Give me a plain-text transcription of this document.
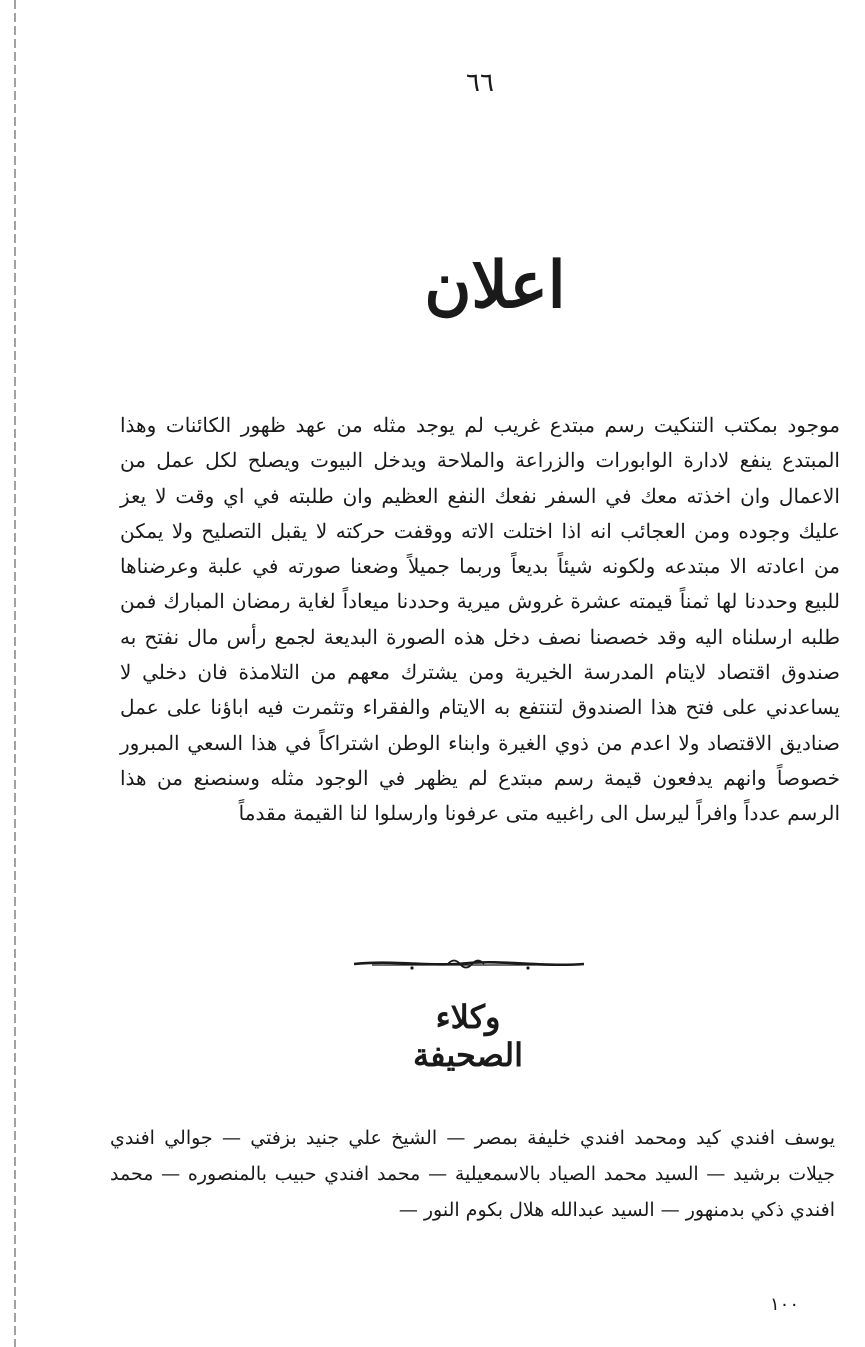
٦٦
اعلان
موجود بمكتب التنكيت رسم مبتدع غريب لم يوجد مثله من عهد ظهور الكائنات وهذا المبتدع ينفع لادارة الوابورات والزراعة والملاحة ويدخل البيوت ويصلح لكل عمل من الاعمال وان اخذته معك في السفر نفعك النفع العظيم وان طلبته في اي وقت لا يعز عليك وجوده ومن العجائب انه اذا اختلت الاته ووقفت حركته لا يقبل التصليح ولا يمكن من اعادته الا مبتدعه ولكونه شيئاً بديعاً وربما جميلاً وضعنا صورته في علبة وعرضناها للبيع وحددنا لها ثمناً قيمته عشرة غروش ميرية وحددنا ميعاداً لغاية رمضان المبارك فمن طلبه ارسلناه اليه وقد خصصنا نصف دخل هذه الصورة البديعة لجمع رأس مال نفتح به صندوق اقتصاد لايتام المدرسة الخيرية ومن يشترك معهم من التلامذة فان دخلي لا يساعدني على فتح هذا الصندوق لتنتفع به الايتام والفقراء وتثمرت فيه اباؤنا على عمل صناديق الاقتصاد ولا اعدم من ذوي الغيرة وابناء الوطن اشتراكاً في هذا السعي المبرور خصوصاً وانهم يدفعون قيمة رسم مبتدع لم يظهر في الوجود مثله وسنصنع من هذا الرسم عدداً وافراً ليرسل الى راغبيه متى عرفونا وارسلوا لنا القيمة مقدماً
وكلاء الصحيفة
يوسف افندي كيد ومحمد افندي خليفة بمصر — الشيخ علي جنيد بزفتي — جوالي افندي جيلات برشيد — السيد محمد الصياد بالاسمعيلية — محمد افندي حبيب بالمنصوره — محمد افندي ذكي بدمنهور — السيد عبدالله هلال بكوم النور —
١٠٠
